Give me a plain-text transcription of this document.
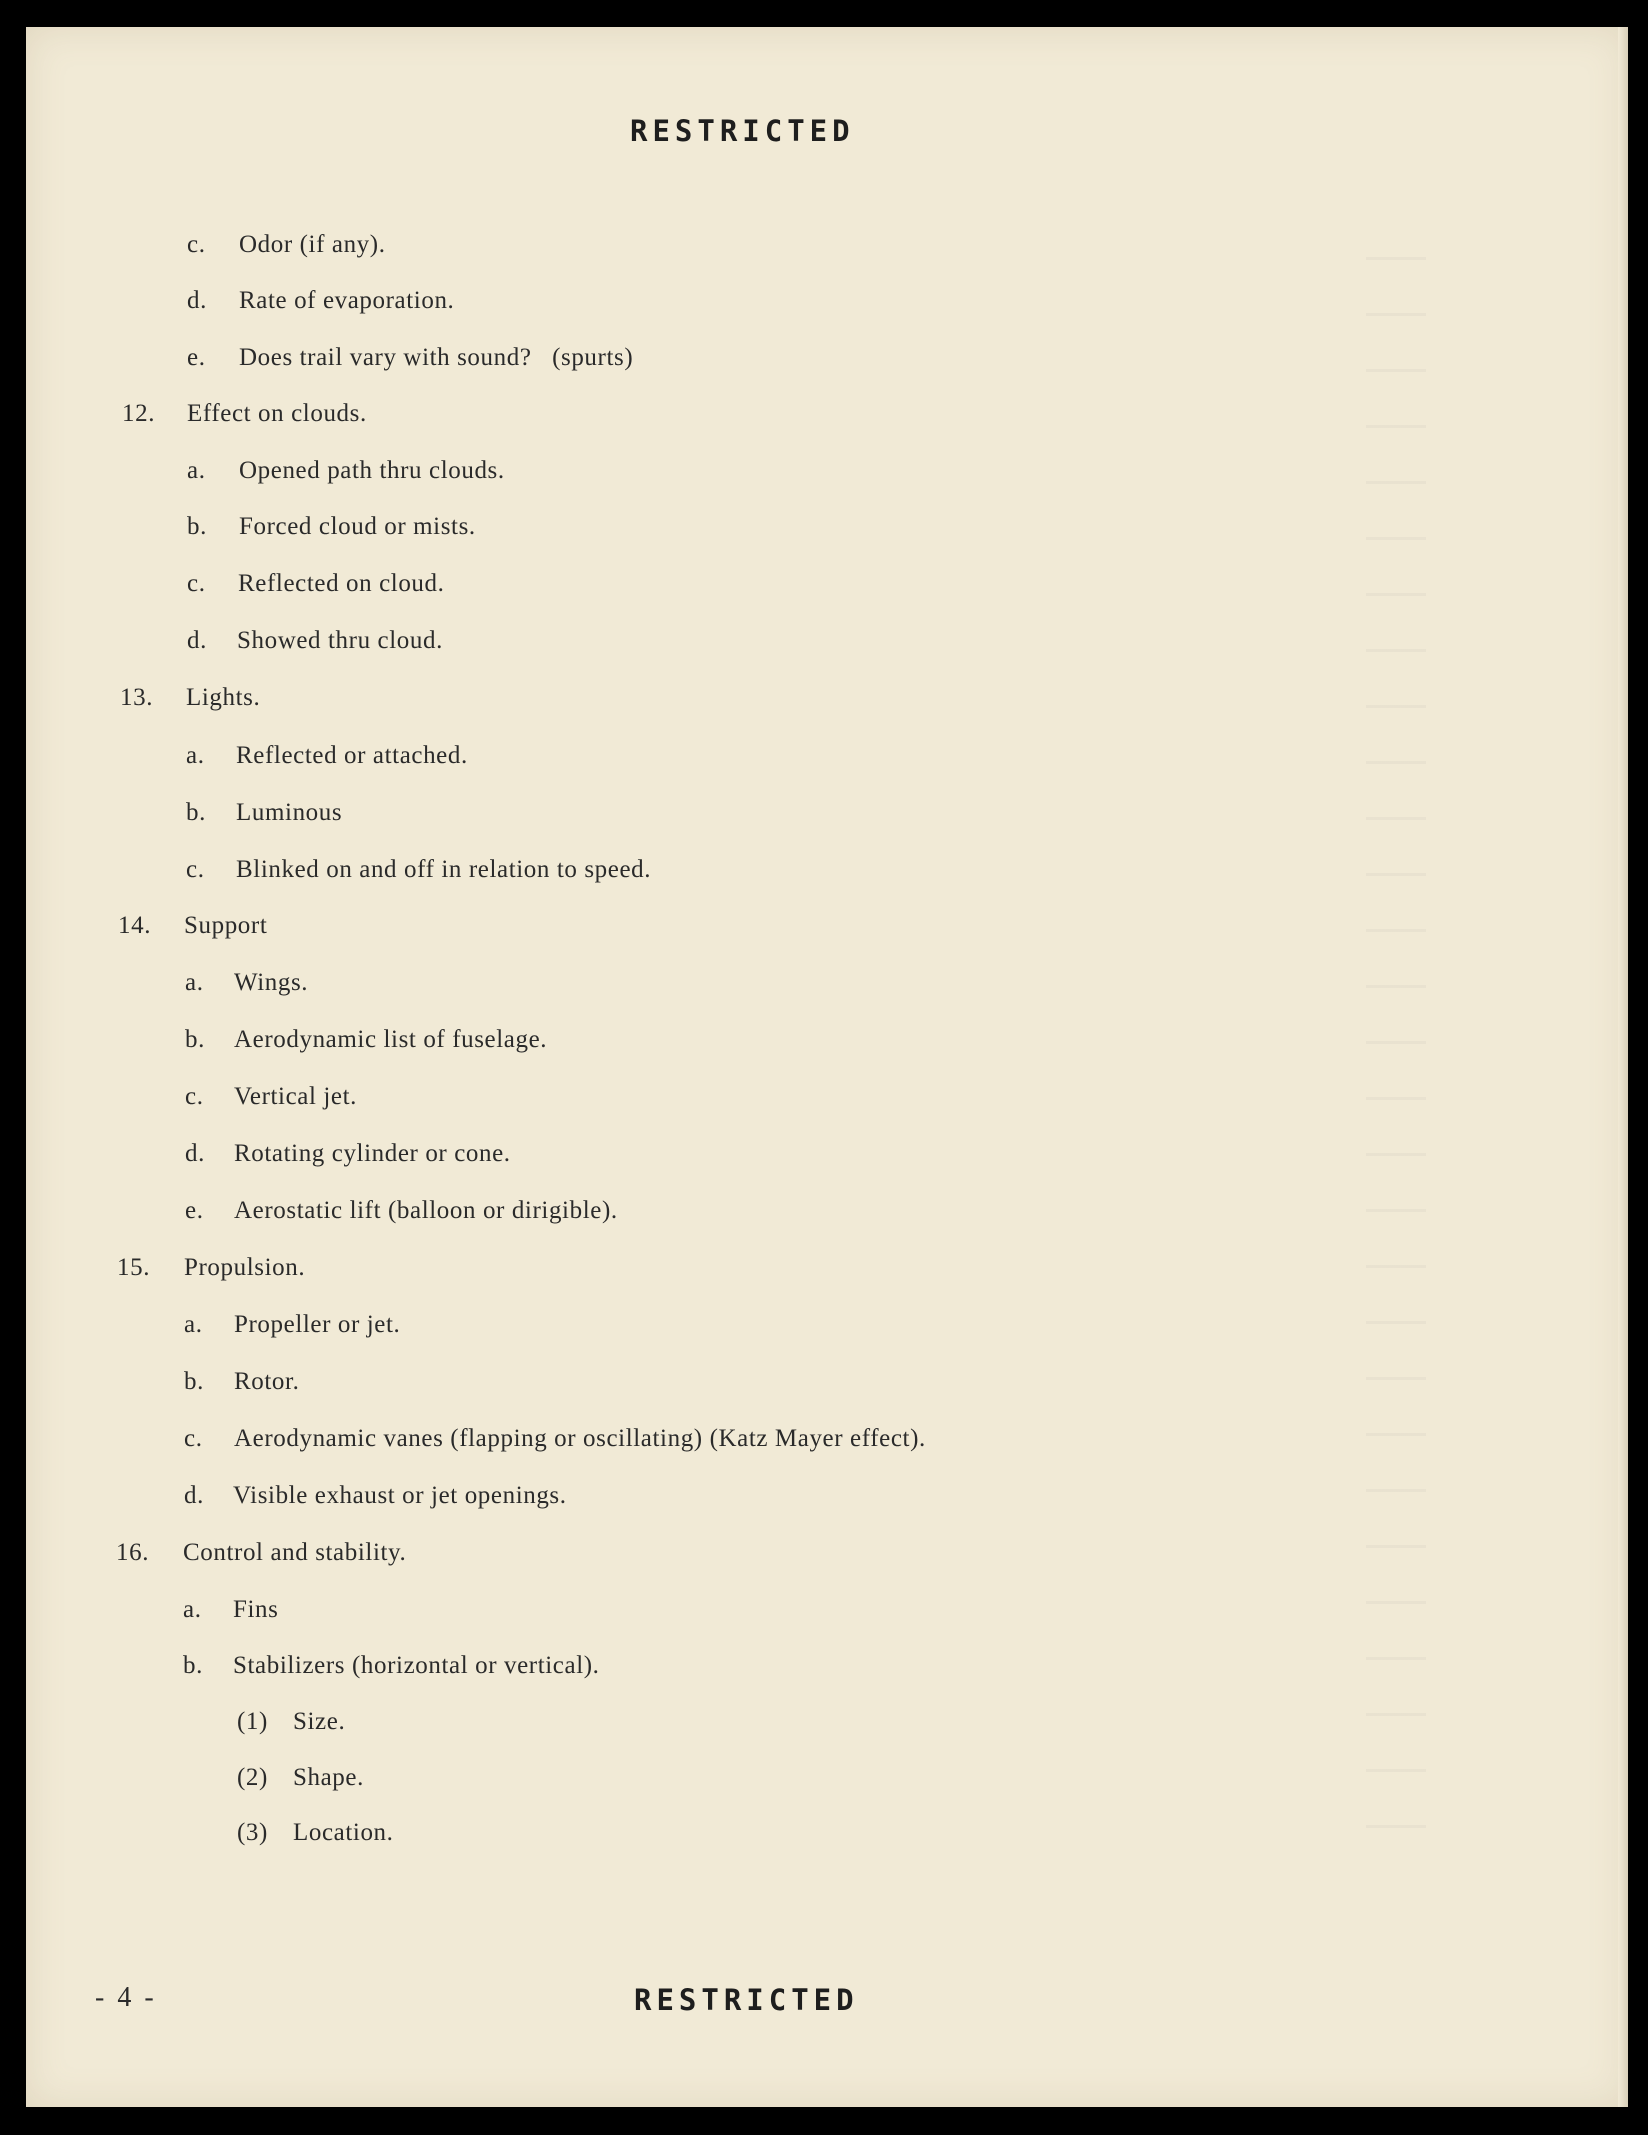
RESTRICTED
c. Odor (if any).
d. Rate of evaporation.
e. Does trail vary with sound?   (spurts)
12. Effect on clouds.
a. Opened path thru clouds.
b. Forced cloud or mists.
c. Reflected on cloud.
d. Showed thru cloud.
13. Lights.
a. Reflected or attached.
b. Luminous
c. Blinked on and off in relation to speed.
14. Support
a. Wings.
b. Aerodynamic list of fuselage.
c. Vertical jet.
d. Rotating cylinder or cone.
e. Aerostatic lift (balloon or dirigible).
15. Propulsion.
a. Propeller or jet.
b. Rotor.
c. Aerodynamic vanes (flapping or oscillating) (Katz Mayer effect).
d. Visible exhaust or jet openings.
16. Control and stability.
a. Fins
b. Stabilizers (horizontal or vertical).
(1) Size.
(2) Shape.
(3) Location.
- 4 -	RESTRICTED
